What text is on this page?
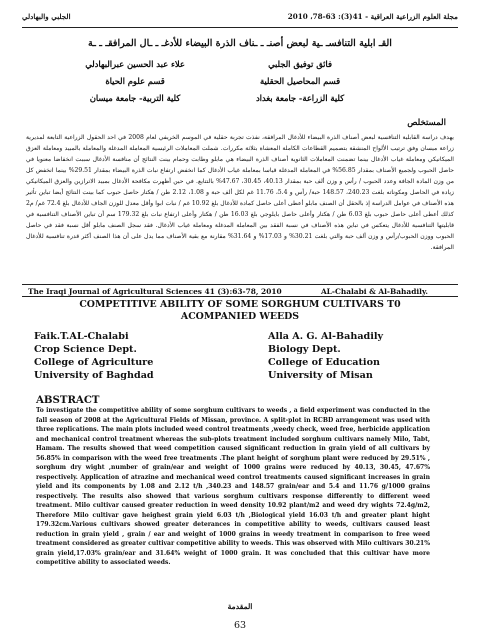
مجلة العلوم الزراعية العراقية - 41(3): 63-78، 2010
الجلبي والبهادلي
القـ ابلية التنافسـ ـية لبعض أصنـ ـ ـناف الذرة البيضاء للأدغـ ـ ـال المرافقـ ـ ـة
فائق توفيق الجلبي
قسم المحاصيل الحقلية
كلية الزراعة- جامعة بغداد
علاء عبد الحسين عبرالبهادلي
قسم علوم الحياة
كلية التربية- جامعة ميسان
المستخلص
يهدف دراسة القابلية التنافسية لبعض أصناف الذرة البيضاء للأدغال المرافقة، نفذت تجربة حقلية في الموسم الخريفي لعام 2008 في احد الحقول الزراعية التابعة لمديرية زراعة ميسان وفق ترتيب الألواح المنشقة بتصميم القطاعات الكاملة المعشاة بثلاثة مكررات. شملت المعاملات الرئيسية المعاملة المدغلة والمعاملة بالمبيد ومعاملة العزق الميكانيكي ومعاملة غياب الأدغال بينما تضمنت المعاملات الثانوية أصناف الذرة البيضاء هي مابلو وطابت وحمام بينت النتائج أن منافسة الأدغال سببت انخفاضا معنويا في حاصل الحبوب ولجميع الأصناف بمقدار 56.85% في المعاملة المدغلة قياسا بمعاملة غياب الأدغال كما انخفض ارتفاع نبات الذرة البيضاء بمقدار 29.51% بينما انخفض كل من وزن المادة الجافة وعدد الحبوب / رأس و وزن ألف حبة بمقدار 40.13، 30.45، 47.67% بالتتابع. في حين أظهرت مكافحة الأدغال بمبيد الاترازين والعزق الميكانيكي زيادة في الحاصل ومكوناته بلغت 240.23، 148.57 حبة/ رأس و 5.4، 11.76 غم لكل ألف حبة و 1.08، 2.12 طن / هكتار حاصل حبوب كما بينت النتائج أيضا تباين تأثير هذه الأصناف في عوامل الدراسة إذ بالحقل أن الصنف مابلو أعطى أعلى حاصل كمادة للأدغال بلغ 10.92 غم / نبات ابوا وأقل معدل للوزن الجاف للأدغال بلغ 72.4 غم/ م2 كذلك أعطى أعلى حاصل حبوب بلغ 6.03 طن / هكتار وأعلى حاصل بايلوجي بلغ 16.03 طن / هكتار وأعلى ارتفاع نبات بلغ 179.32 سم أن تباين الأصناف التنافسية في قابليتها التنافسية للأدغال يتعكس في تباين هذه الأصناف في نسبة الفقد بين المعاملة المدغلة ومعاملة غياب الأدغال. فقد سجل الصنف مابلو أقل نسبة فقد في حاصل الحبوب ووزن الحبوب/رأس و وزن ألف حبة والتي بلغت 30.21% و 17.03% و 31.64% مقارنة مع بقية الأصناف مما يدل على أن هذا الصنف أكثر قدرة تنافسية للأدغال المرافقة.
The Iraqi Journal of Agricultural Sciences 41 (3):63-78, 2010	AL-Chalabi & Al-Bahadily.
COMPETITIVE ABILITY OF SOME SORGHUM CULTIVARS T0
ACOMPANIED WEEDS
Faik.T.AL-Chalabi
Crop Science Dept.
College of Agriculture
University of Baghdad
Alla A. G. Al-Bahadily
Biology Dept.
College of Education
University of Misan
ABSTRACT
To investigate the competitive ability of some sorghum cultivars to weeds , a field experiment was conducted in the fall season of 2008 at the Agricultural Fields of Missan, province. A split-plot in RCBD arrangement was used with three replications. The main plots included weed control treatments ,weedy check, weed free, herbicide application and mechanical control treatment whereas the sub-plots treatment included sorghum cultivars namely Milo, Tabt, Hamam. The results showed that weed competition caused significant reduction in grain yield of all cultivars by 56.85% in comparison with the weed free treatments .The plant height of sorghum plant were reduced by 29.51% , sorghum dry wight ,number of grain/ear and weight of 1000 grains were reduced by 40.13, 30.45, 47.67% respectively. Application of atrazine and mechanical weed control treatments caused significant increases in grain yield and its components by 1.08 and 2.12 t/h ,340.23 and 148.57 grain/ear and 5.4 and 11.76 g/1000 grains respectively. The results also showed that various sorghum cultivars response differently to different weed treatment. Milo cultivar caused greater reduction in weed density 10.92 plant/m2 and weed dry wights 72.4g/m2, Therefore Milo cultivar gave heighest grain yield 6.03 t/h ,Biological yield 16.03 t/h and greater plant hight 179.32cm.Various cultivars showed greater deterances in competitive ability to weeds, cultivars caused least reduction in grain yield , grain / ear and weight of 1000 grains in weedy treatment in comparison to free weed treatment considered as greater cultivar competitive ability to weeds. This was observed with Milo cultivars 30.21% grain yield,17.03% grain/ear and 31.64% weight of 1000 grain. It was concluded that this cultivar have more competitive ability to associated weeds.
المقدمة
63
